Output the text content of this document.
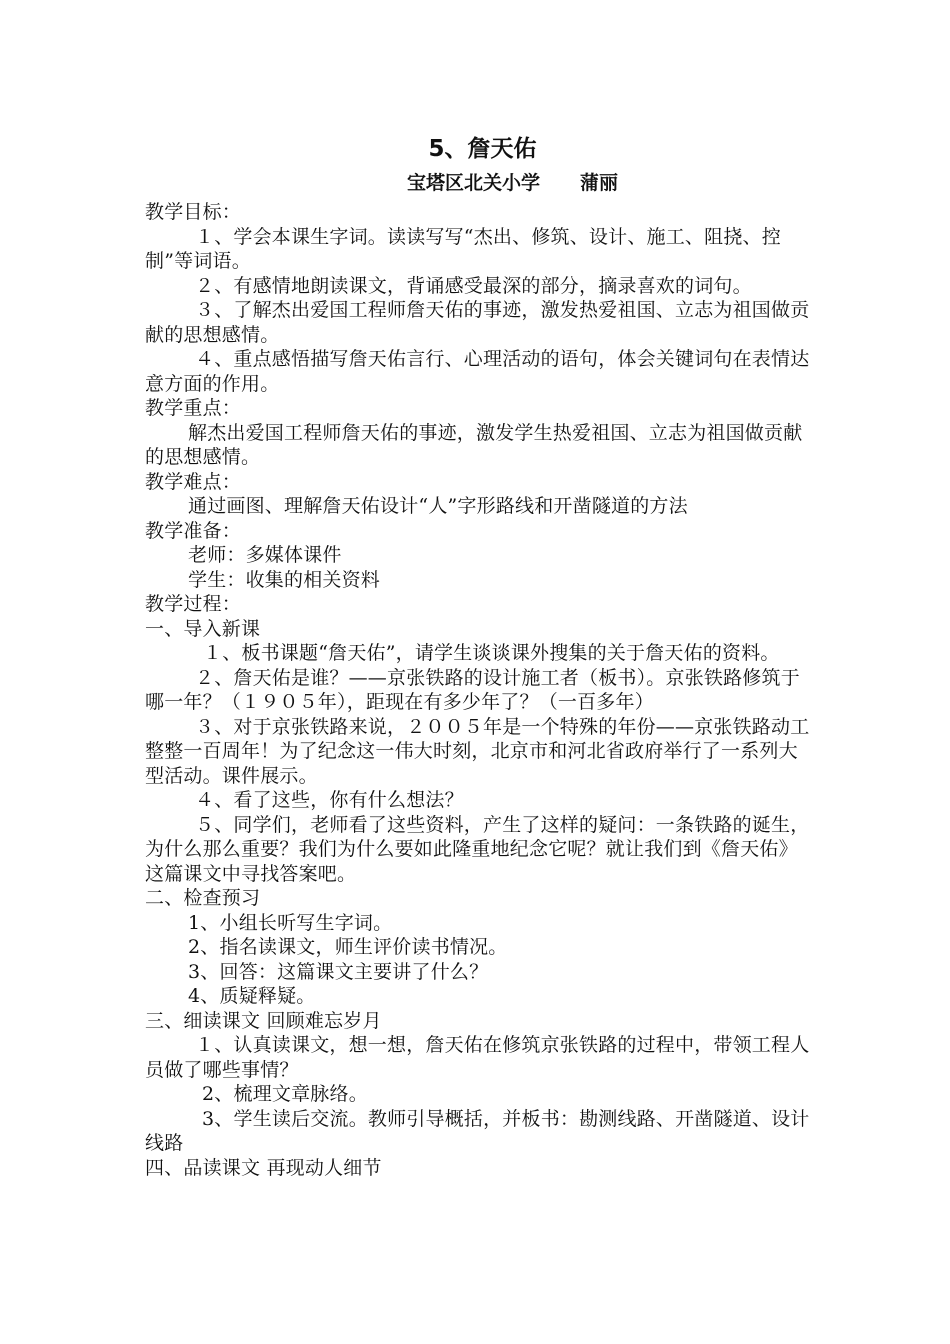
5、詹天佑
宝塔区北关小学 蒲丽

教学目标：

１、学会本课生字词。读读写写“杰出、修筑、设计、施工、阻挠、控制”等词语。

２、有感情地朗读课文，背诵感受最深的部分，摘录喜欢的词句。

３、了解杰出爱国工程师詹天佑的事迹，激发热爱祖国、立志为祖国做贡献的思想感情。

４、重点感悟描写詹天佑言行、心理活动的语句，体会关键词句在表情达意方面的作用。

教学重点：

解杰出爱国工程师詹天佑的事迹，激发学生热爱祖国、立志为祖国做贡献的思想感情。

教学难点：

通过画图、理解詹天佑设计“人”字形路线和开凿隧道的方法

教学准备：

老师：多媒体课件

学生：收集的相关资料

教学过程：

一、导入新课

１、板书课题“詹天佑”，请学生谈谈课外搜集的关于詹天佑的资料。

２、詹天佑是谁？——京张铁路的设计施工者（板书）。京张铁路修筑于哪一年？（１９０５年），距现在有多少年了？（一百多年）

３、对于京张铁路来说，２００５年是一个特殊的年份——京张铁路动工整整一百周年！为了纪念这一伟大时刻，北京市和河北省政府举行了一系列大型活动。课件展示。

４、看了这些，你有什么想法？

５、同学们，老师看了这些资料，产生了这样的疑问：一条铁路的诞生，为什么那么重要？我们为什么要如此隆重地纪念它呢？就让我们到《詹天佑》这篇课文中寻找答案吧。

二、检查预习

1、小组长听写生字词。

2、指名读课文，师生评价读书情况。

3、回答：这篇课文主要讲了什么？

4、质疑释疑。

三、细读课文 回顾难忘岁月

１、认真读课文，想一想，詹天佑在修筑京张铁路的过程中，带领工程人员做了哪些事情？

2、梳理文章脉络。

3、学生读后交流。教师引导概括，并板书：勘测线路、开凿隧道、设计线路

四、品读课文 再现动人细节
